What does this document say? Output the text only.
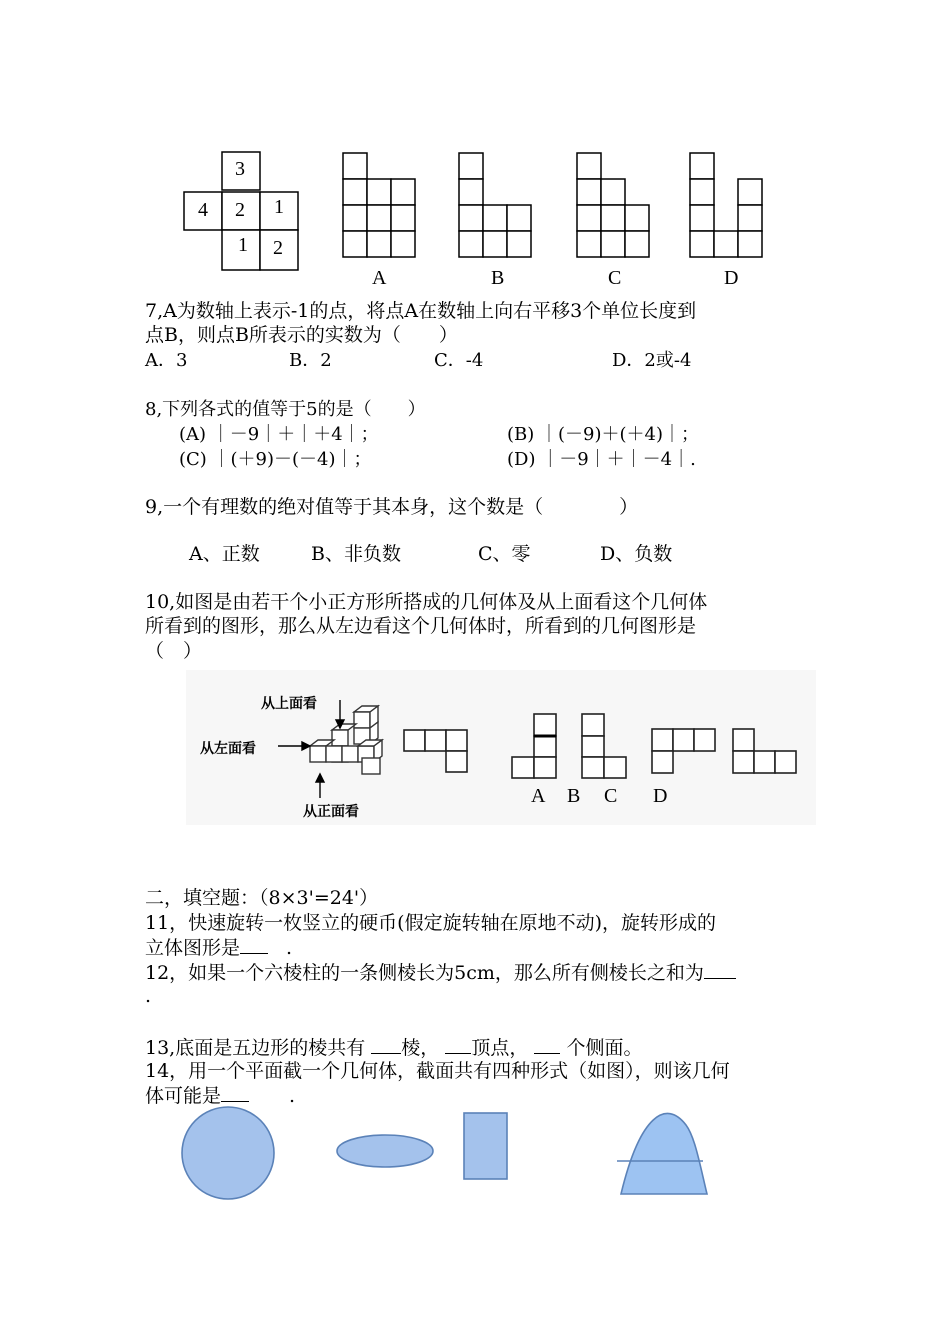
3
4 2 1
1 2
A	B	C	D
7,A为数轴上表示-1的点，将点A在数轴上向右平移3个单位长度到
点B，则点B所表示的实数为（　　）
A．3	B．2	C．-4	D．2或-4
8,下列各式的值等于5的是（　　）
(A) ｜－9｜＋｜＋4｜；	(B) ｜(－9)＋(＋4)｜；
(C) ｜(＋9)－(－4)｜；	(D) ｜－9｜＋｜－4｜.
9,一个有理数的绝对值等于其本身，这个数是（　　　　）
A、正数	B、非负数	C、零	D、负数
10,如图是由若干个小正方形所搭成的几何体及从上面看这个几何体
所看到的图形，那么从左边看这个几何体时，所看到的几何图形是
（　）
从上面看
从左面看
从正面看
A B C D
二，填空题：（8×3'=24'）
11，快速旋转一枚竖立的硬币(假定旋转轴在原地不动)，旋转形成的
立体图形是 .
12，如果一个六棱柱的一条侧棱长为5cm，那么所有侧棱长之和为
.
13,底面是五边形的棱共有 棱， 顶点， 个侧面。
14，用一个平面截一个几何体，截面共有四种形式（如图），则该几何
体可能是	.
